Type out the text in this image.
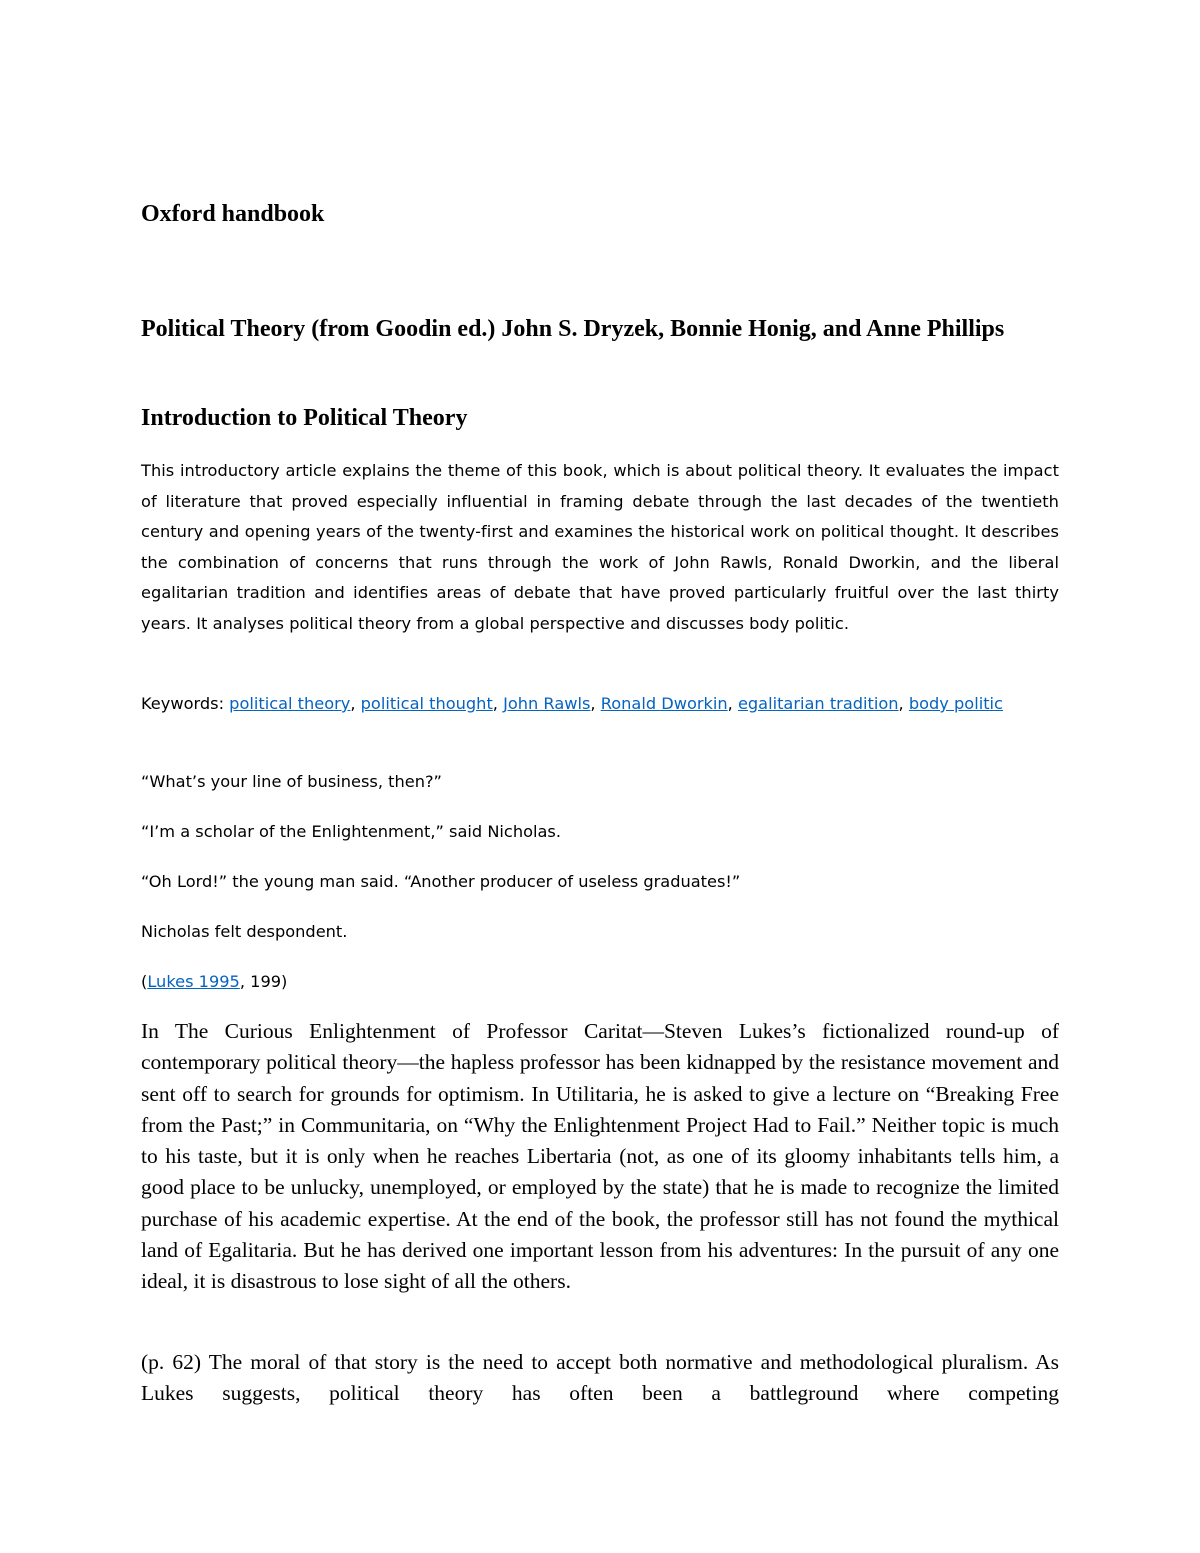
Oxford handbook
Political Theory (from Goodin ed.) John S. Dryzek, Bonnie Honig, and Anne Phillips
Introduction to Political Theory

This introductory article explains the theme of this book, which is about political theory. It evaluates the impact of literature that proved especially influential in framing debate through the last decades of the twentieth century and opening years of the twenty-first and examines the historical work on political thought. It describes the combination of concerns that runs through the work of John Rawls, Ronald Dworkin, and the liberal egalitarian tradition and identifies areas of debate that have proved particularly fruitful over the last thirty years. It analyses political theory from a global perspective and discusses body politic.

Keywords: political theory, political thought, John Rawls, Ronald Dworkin, egalitarian tradition, body politic

“What’s your line of business, then?”

“I’m a scholar of the Enlightenment,” said Nicholas.

“Oh Lord!” the young man said. “Another producer of useless graduates!”

Nicholas felt despondent.

(Lukes 1995, 199)

In The Curious Enlightenment of Professor Caritat—Steven Lukes’s fictionalized round-up of contemporary political theory—the hapless professor has been kidnapped by the resistance movement and sent off to search for grounds for optimism. In Utilitaria, he is asked to give a lecture on “Breaking Free from the Past;” in Communitaria, on “Why the Enlightenment Project Had to Fail.” Neither topic is much to his taste, but it is only when he reaches Libertaria (not, as one of its gloomy inhabitants tells him, a good place to be unlucky, unemployed, or employed by the state) that he is made to recognize the limited purchase of his academic expertise. At the end of the book, the professor still has not found the mythical land of Egalitaria. But he has derived one important lesson from his adventures: In the pursuit of any one ideal, it is disastrous to lose sight of all the others.

(p. 62) The moral of that story is the need to accept both normative and methodological pluralism. As Lukes suggests, political theory has often been a battleground where competing
